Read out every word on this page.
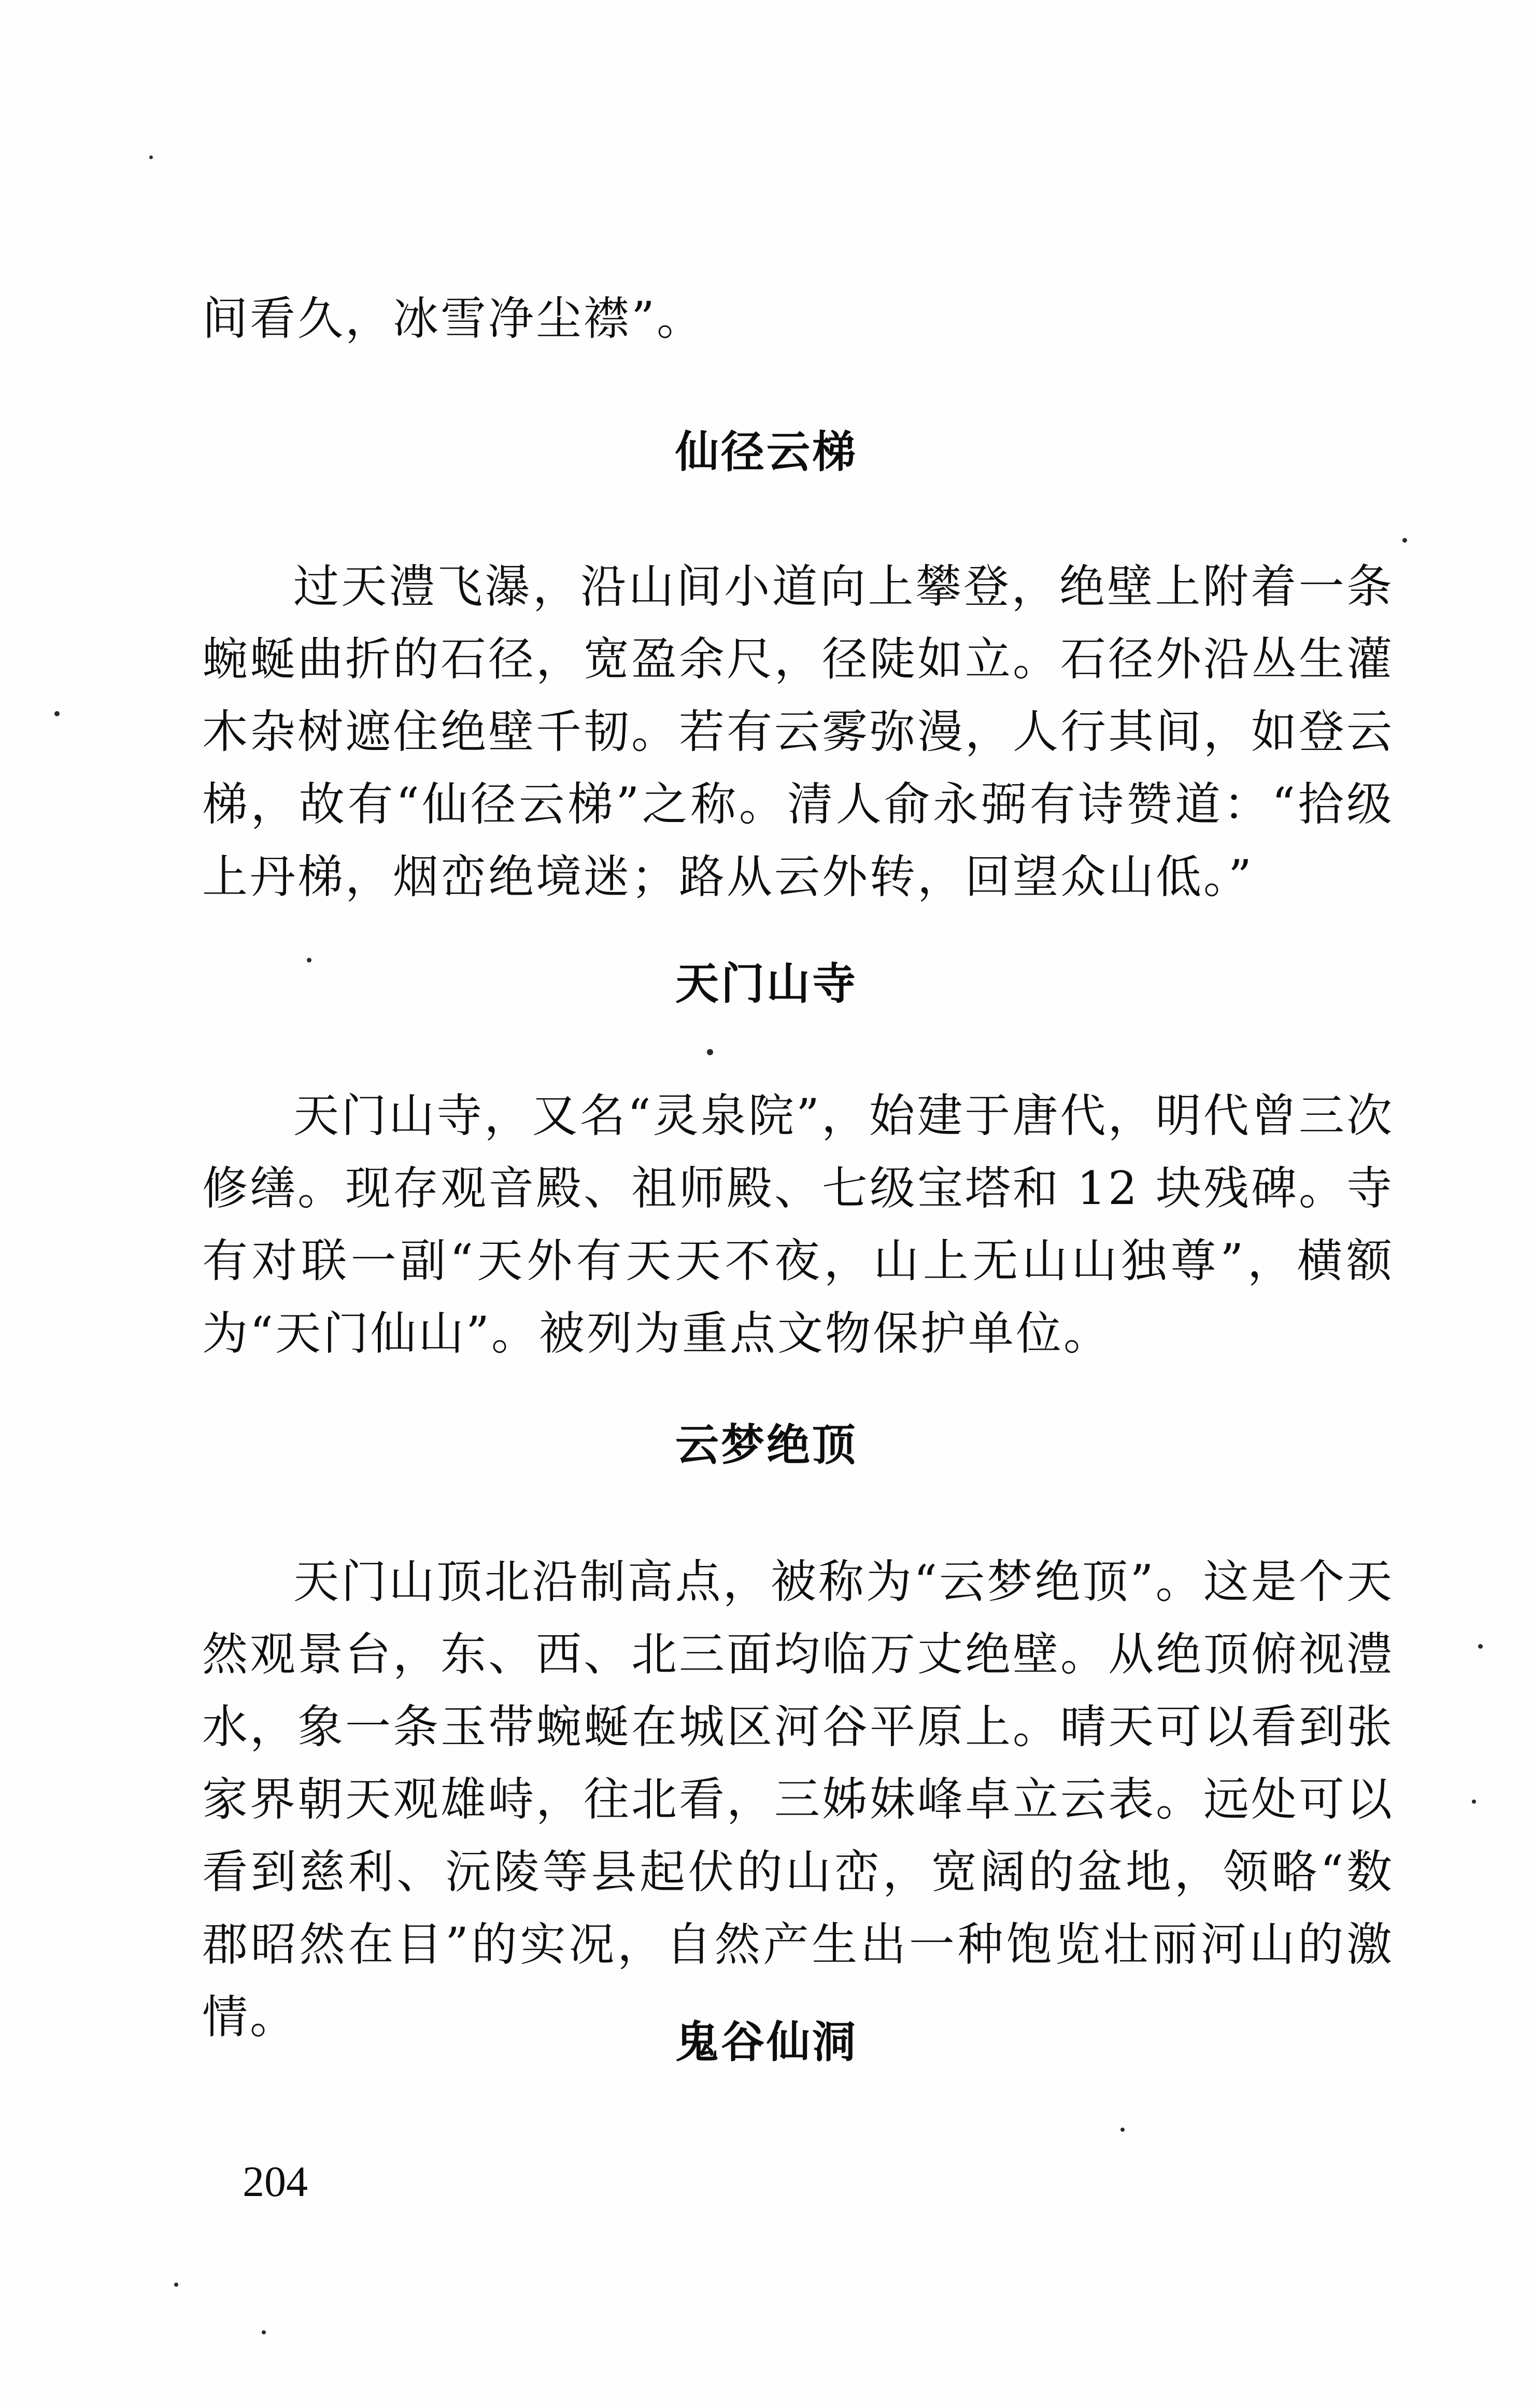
间看久，冰雪净尘襟”。

仙径云梯

过天澧飞瀑，沿山间小道向上攀登，绝壁上附着一条蜿蜒曲折的石径，宽盈余尺，径陡如立。石径外沿丛生灌木杂树遮住绝壁千韧。若有云雾弥漫，人行其间，如登云梯，故有“仙径云梯”之称。清人俞永弼有诗赞道：“拾级上丹梯，烟峦绝境迷；路从云外转，回望众山低。”

天门山寺

天门山寺，又名“灵泉院”，始建于唐代，明代曾三次修缮。现存观音殿、祖师殿、七级宝塔和 12 块残碑。寺有对联一副“天外有天天不夜，山上无山山独尊”，横额为“天门仙山”。被列为重点文物保护单位。

云梦绝顶

天门山顶北沿制高点，被称为“云梦绝顶”。这是个天然观景台，东、西、北三面均临万丈绝壁。从绝顶俯视澧水，象一条玉带蜿蜒在城区河谷平原上。晴天可以看到张家界朝天观雄峙，往北看，三姊妹峰卓立云表。远处可以看到慈利、沅陵等县起伏的山峦，宽阔的盆地，领略“数郡昭然在目”的实况，自然产生出一种饱览壮丽河山的激情。	鬼谷仙洞

204
